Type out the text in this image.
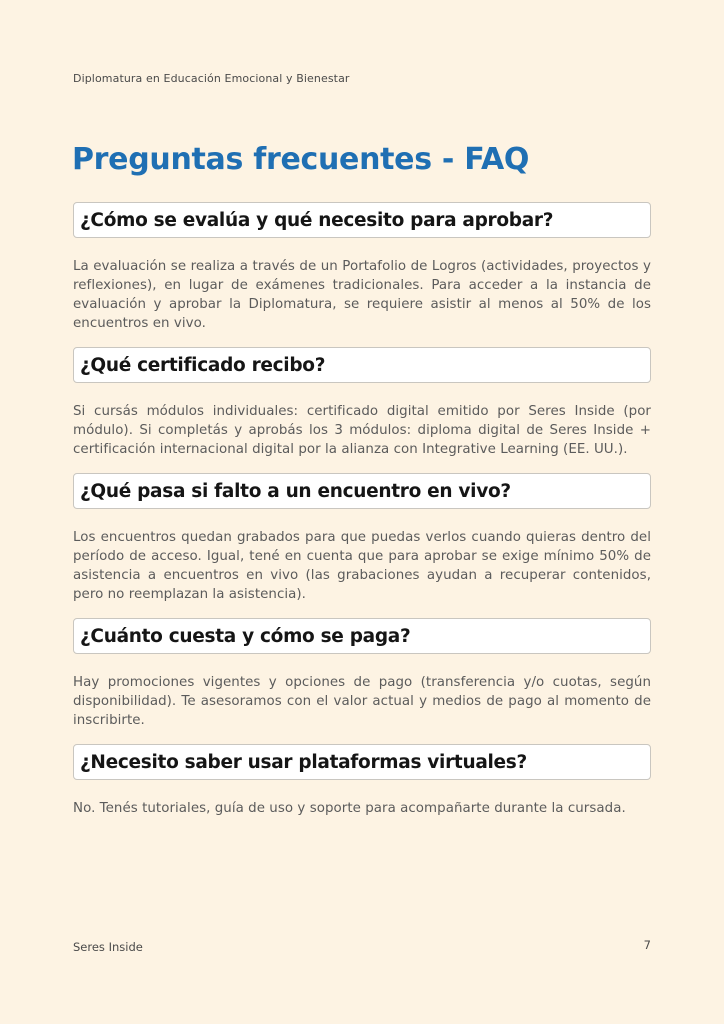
Diplomatura en Educación Emocional y Bienestar
Preguntas frecuentes - FAQ
¿Cómo se evalúa y qué necesito para aprobar?

La evaluación se realiza a través de un Portafolio de Logros (actividades, proyectos y reflexiones), en lugar de exámenes tradicionales. Para acceder a la instancia de evaluación y aprobar la Diplomatura, se requiere asistir al menos al 50% de los encuentros en vivo.

¿Qué certificado recibo?

Si cursás módulos individuales: certificado digital emitido por Seres Inside (por módulo). Si completás y aprobás los 3 módulos: diploma digital de Seres Inside + certificación internacional digital por la alianza con Integrative Learning (EE. UU.).

¿Qué pasa si falto a un encuentro en vivo?

Los encuentros quedan grabados para que puedas verlos cuando quieras dentro del período de acceso. Igual, tené en cuenta que para aprobar se exige mínimo 50% de asistencia a encuentros en vivo (las grabaciones ayudan a recuperar contenidos, pero no reemplazan la asistencia).

¿Cuánto cuesta y cómo se paga?

Hay promociones vigentes y opciones de pago (transferencia y/o cuotas, según disponibilidad). Te asesoramos con el valor actual y medios de pago al momento de inscribirte.

¿Necesito saber usar plataformas virtuales?

No. Tenés tutoriales, guía de uso y soporte para acompañarte durante la cursada.

Seres Inside	7
